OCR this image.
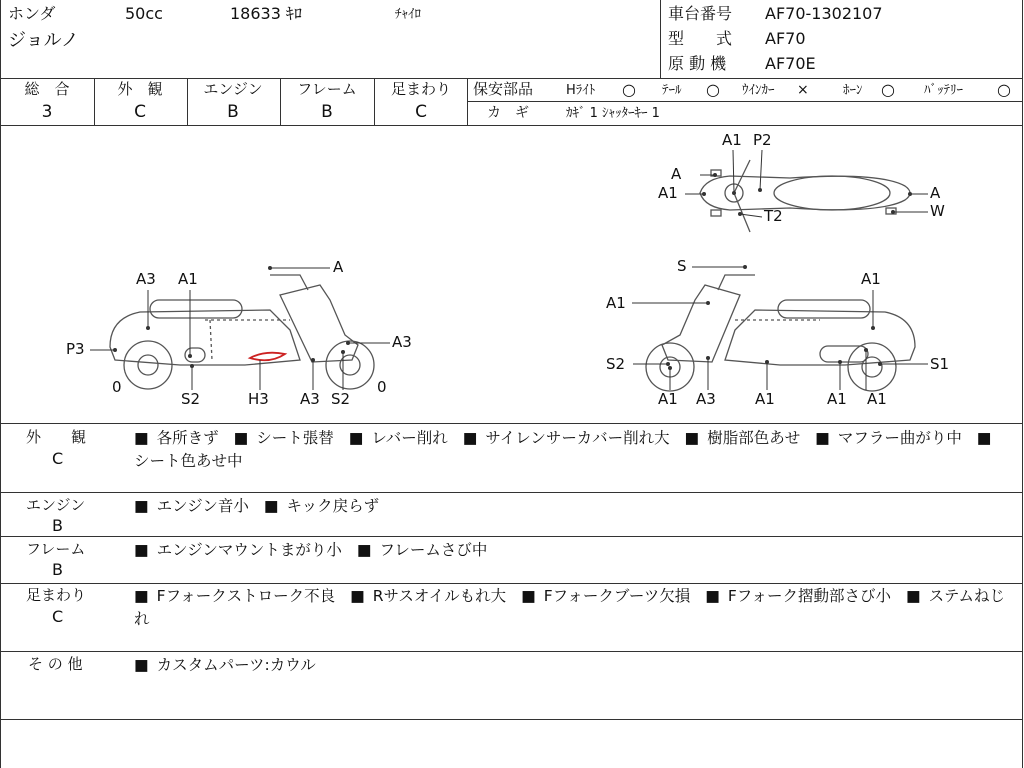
ホンダ	50cc	18633 ｷﾛ	ﾁｬｲﾛ
ジョルノ
車台番号 AF70-1302107
型　　式 AF70
原 動 機 AF70E
総　合
3
外　観
C
エンジン
B
フレーム
B
足まわり
C
保安部品	Hﾗｲﾄ ○ ﾃｰﾙ ○ ｳｲﾝｶｰ ×	ﾎｰﾝ ○ ﾊﾞｯﾃﾘｰ ○
カ　ギ	ｶｷﾞ 1 ｼｬｯﾀｰｷｰ 1
A1 P2
A
A1	A
W
T2
A
A3 A1
P3	A3
0
S2	H3 A3 S2
0
S
A1
A1
A1
S2	S1
A1
A3	A1	A1
外　　観
C
■ 各所きず ■ シート張替 ■ レバー削れ ■ サイレンサーカバー削れ大 ■ 樹脂部色あせ ■ マフラー曲がり中 ■ シート色あせ中
エンジン
B
■ エンジン音小 ■ キック戻らず
フレーム
B
■ エンジンマウントまがり小 ■ フレームさび中
足まわり
C
■ Fフォークストローク不良 ■ Rサスオイルもれ大 ■ Fフォークブーツ欠損 ■ Fフォーク摺動部さび小 ■ ステムねじれ
そ の 他	■ カスタムパーツ:カウル
